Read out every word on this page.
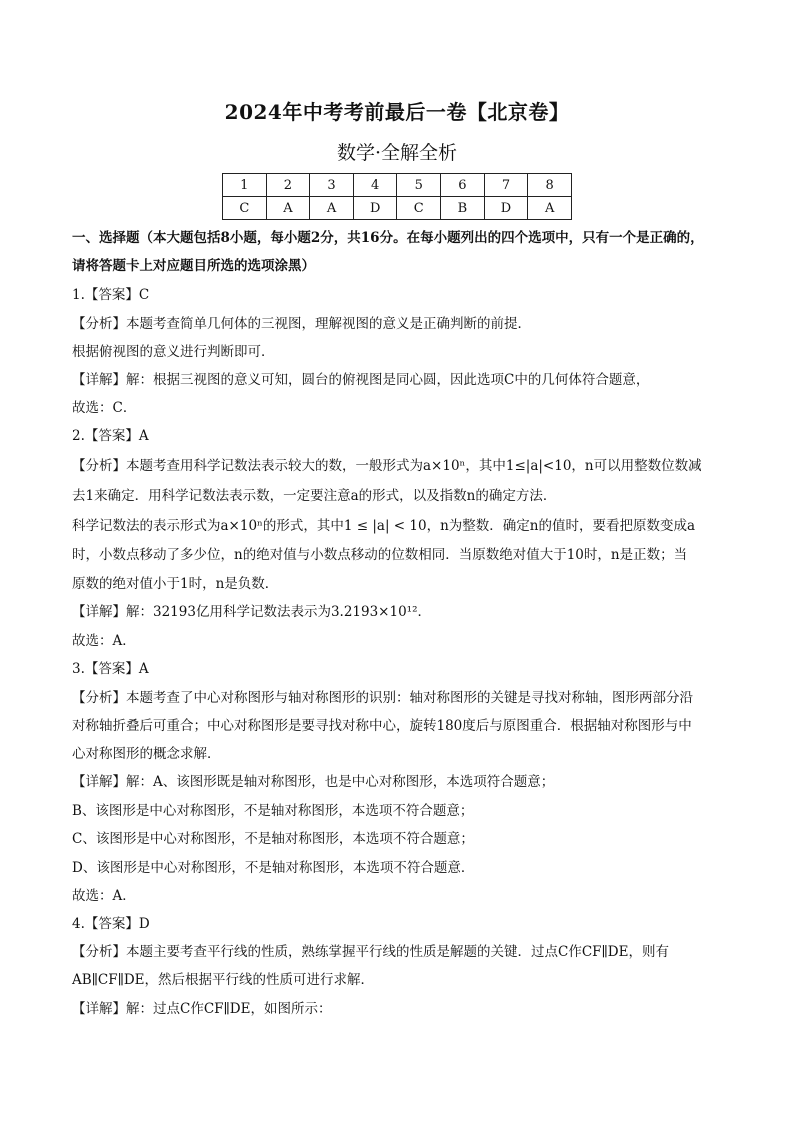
2024年中考考前最后一卷【北京卷】
数学·全解全析
1	2	3	4	5	6	7	8
C	A	A	D	C	B	D	A
一、选择题（本大题包括8小题，每小题2分，共16分。在每小题列出的四个选项中，只有一个是正确的，
请将答题卡上对应题目所选的选项涂黑）
1.【答案】C
【分析】本题考查简单几何体的三视图，理解视图的意义是正确判断的前提．
根据俯视图的意义进行判断即可．
【详解】解：根据三视图的意义可知，圆台的俯视图是同心圆，因此选项C中的几何体符合题意，
故选：C．
2.【答案】A
【分析】本题考查用科学记数法表示较大的数，一般形式为a×10ⁿ，其中1≤|a|<10，n可以用整数位数减
去1来确定．用科学记数法表示数，一定要注意a的形式，以及指数n的确定方法．
科学记数法的表示形式为a×10ⁿ的形式，其中1 ≤ |a| < 10，n为整数．确定n的值时，要看把原数变成a
时，小数点移动了多少位，n的绝对值与小数点移动的位数相同．当原数绝对值大于10时，n是正数；当
原数的绝对值小于1时，n是负数．
【详解】解：32193亿用科学记数法表示为3.2193×10¹²．
故选：A．
3.【答案】A
【分析】本题考查了中心对称图形与轴对称图形的识别：轴对称图形的关键是寻找对称轴，图形两部分沿
对称轴折叠后可重合；中心对称图形是要寻找对称中心，旋转180度后与原图重合．根据轴对称图形与中
心对称图形的概念求解．
【详解】解：A、该图形既是轴对称图形，也是中心对称图形，本选项符合题意；
B、该图形是中心对称图形，不是轴对称图形，本选项不符合题意；
C、该图形是中心对称图形，不是轴对称图形，本选项不符合题意；
D、该图形是中心对称图形，不是轴对称图形，本选项不符合题意．
故选：A．
4.【答案】D
【分析】本题主要考查平行线的性质，熟练掌握平行线的性质是解题的关键．过点C作CF∥DE，则有
AB∥CF∥DE，然后根据平行线的性质可进行求解．
【详解】解：过点C作CF∥DE，如图所示：
